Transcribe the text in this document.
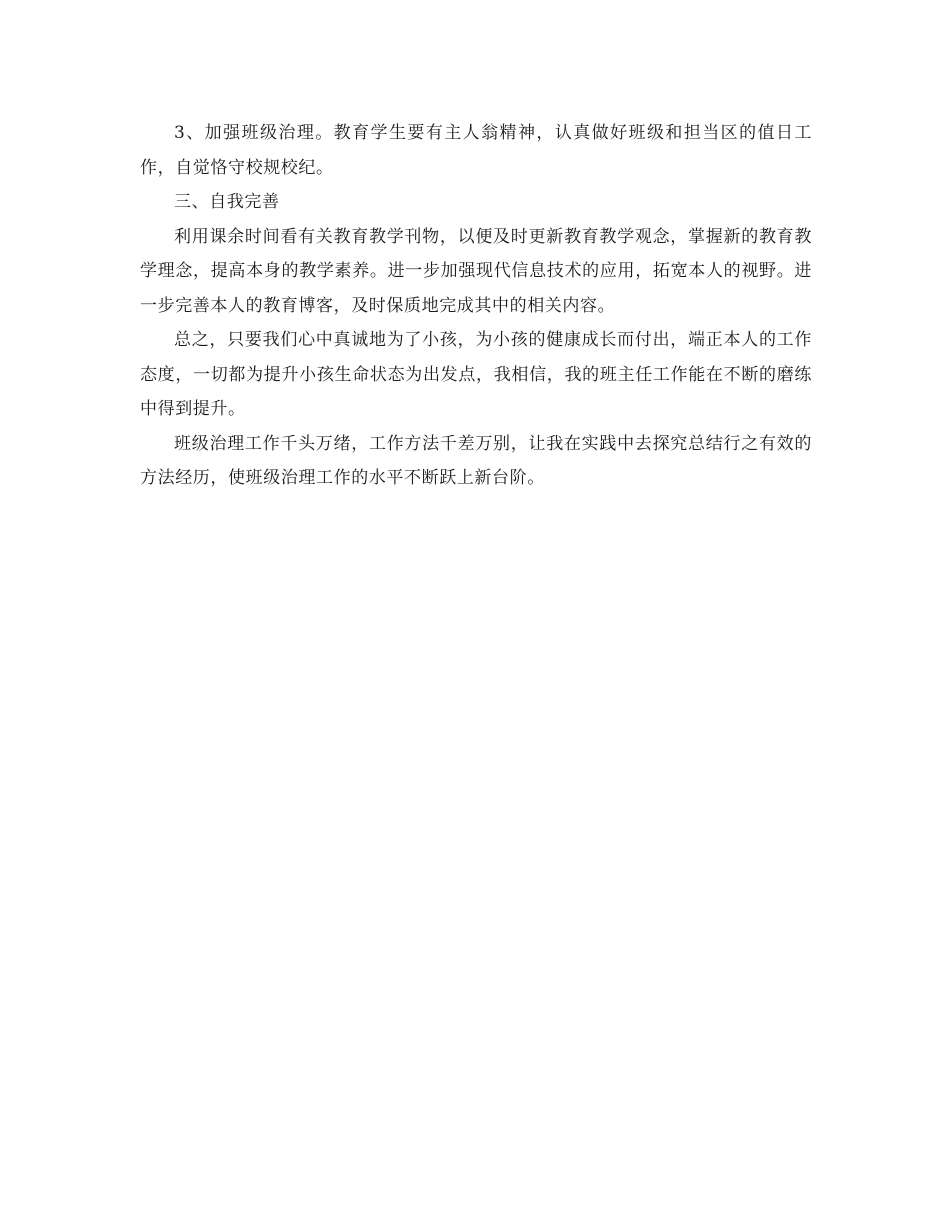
3、加强班级治理。教育学生要有主人翁精神，认真做好班级和担当区的值日工作，自觉恪守校规校纪。

三、自我完善

利用课余时间看有关教育教学刊物，以便及时更新教育教学观念，掌握新的教育教学理念，提高本身的教学素养。进一步加强现代信息技术的应用，拓宽本人的视野。进一步完善本人的教育博客，及时保质地完成其中的相关内容。

总之，只要我们心中真诚地为了小孩，为小孩的健康成长而付出，端正本人的工作态度，一切都为提升小孩生命状态为出发点，我相信，我的班主任工作能在不断的磨练中得到提升。

班级治理工作千头万绪，工作方法千差万别，让我在实践中去探究总结行之有效的方法经历，使班级治理工作的水平不断跃上新台阶。
